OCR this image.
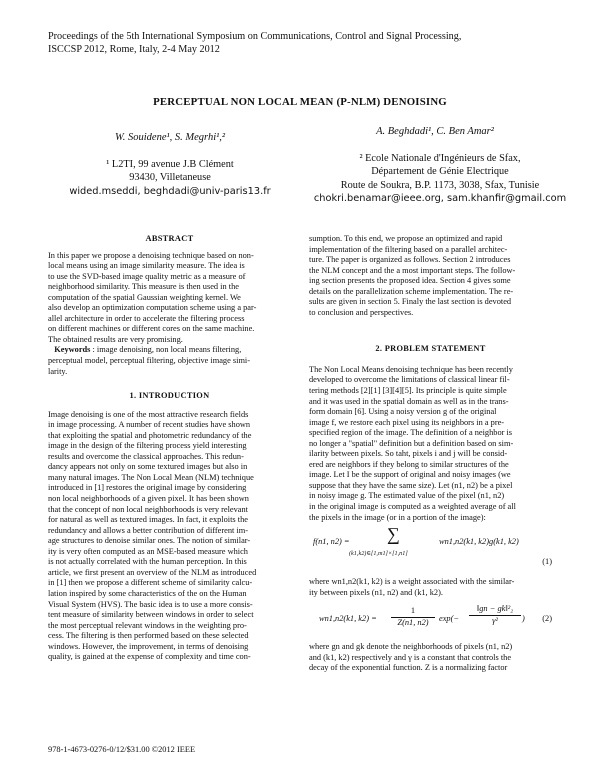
Proceedings of the 5th International Symposium on Communications, Control and Signal Processing,
ISCCSP 2012, Rome, Italy, 2-4 May 2012
PERCEPTUAL NON LOCAL MEAN (P-NLM) DENOISING
W. Souidene¹, S. Megrhi¹,²
A. Beghdadi¹, C. Ben Amar²
¹ L2TI, 99 avenue J.B Clément
93430, Villetaneuse
wided.mseddi, beghdadi@univ-paris13.fr
² Ecole Nationale d'Ingénieurs de Sfax,
Département de Génie Electrique
Route de Soukra, B.P. 1173, 3038, Sfax, Tunisie
chokri.benamar@ieee.org, sam.khanfir@gmail.com
ABSTRACT

In this paper we propose a denoising technique based on non-

local means using an image similarity measure. The idea is

to use the SVD-based image quality metric as a measure of

neighborhood similarity. This measure is then used in the

computation of the spatial Gaussian weighting kernel. We

also develop an optimization computation scheme using a par-

allel architecture in order to accelerate the filtering process

on different machines or different cores on the same machine.

The obtained results are very promising.

Keywords : image denoising, non local means filtering,

perceptual model, perceptual filtering, objective image simi-

larity.

1. INTRODUCTION

Image denoising is one of the most attractive research fields

in image processing. A number of recent studies have shown

that exploiting the spatial and photometric redundancy of the

image in the design of the filtering process yield interesting

results and overcome the classical approaches. This redun-

dancy appears not only on some textured images but also in

many natural images. The Non Local Mean (NLM) technique

introduced in [1] restores the original image by considering

non local neighborhoods of a given pixel. It has been shown

that the concept of non local neighborhoods is very relevant

for natural as well as textured images. In fact, it exploits the

redundancy and allows a better contribution of different im-

age structures to denoise similar ones. The notion of similar-

ity is very often computed as an MSE-based measure which

is not actually correlated with the human perception. In this

article, we first present an overview of the NLM as introduced

in [1] then we propose a different scheme of similarity calcu-

lation inspired by some characteristics of the on the Human

Visual System (HVS). The basic idea is to use a more consis-

tent measure of similarity between windows in order to select

the most perceptual relevant windows in the weighting pro-

cess. The filtering is then performed based on these selected

windows. However, the improvement, in terms of denoising

quality, is gained at the expense of complexity and time con-

sumption. To this end, we propose an optimized and rapid

implementation of the filtering based on a parallel architec-

ture. The paper is organized as follows. Section 2 introduces

the NLM concept and the a most important steps. The follow-

ing section presents the proposed idea. Section 4 gives some

details on the parallelization scheme implementation. The re-

sults are given in section 5. Finaly the last section is devoted

to conclusion and perspectives.

2. PROBLEM STATEMENT

The Non Local Means denoising technique has been recently

developed to overcome the limitations of classical linear fil-

tering methods [2][1] [3][4][5]. Its principle is quite simple

and it was used in the spatial domain as well as in the trans-

form domain [6]. Using a noisy version g of the original

image f, we restore each pixel using its neighbors in a pre-

specified region of the image. The definition of a neighbor is

no longer a "spatial" definition but a definition based on sim-

ilarity between pixels. So taht, pixels i and j will be consid-

ered are neighbors if they belong to similar structures of the

image. Let I be the support of original and noisy images (we

suppose that they have the same size). Let (n1, n2) be a pixel

in noisy image g. The estimated value of the pixel (n1, n2)

in the original image is computed as a weighted average of all

the pixels in the image (or in a portion of the image):

f(n1, n2) = ∑
(k1,k2)∈[1,m1]×[1,n1]
wn1,n2(k1, k2)g(k1, k2)
(1)

where wn1,n2(k1, k2) is a weight associated with the similar-

ity between pixels (n1, n2) and (k1, k2).

wn1,n2(k1, $k2) = \frac{1}{Z(n1, n2)} \exp(- \frac{\text{‖gn − gk‖²₂}}{\text{γ²}}$ ) (2)

where gn and gk denote the neighborhoods of pixels (n1, n2)

and (k1, k2) respectively and γ is a constant that controls the

decay of the exponential function. Z is a normalizing factor

978-1-4673-0276-0/12/$31.00 ©2012 IEEE
